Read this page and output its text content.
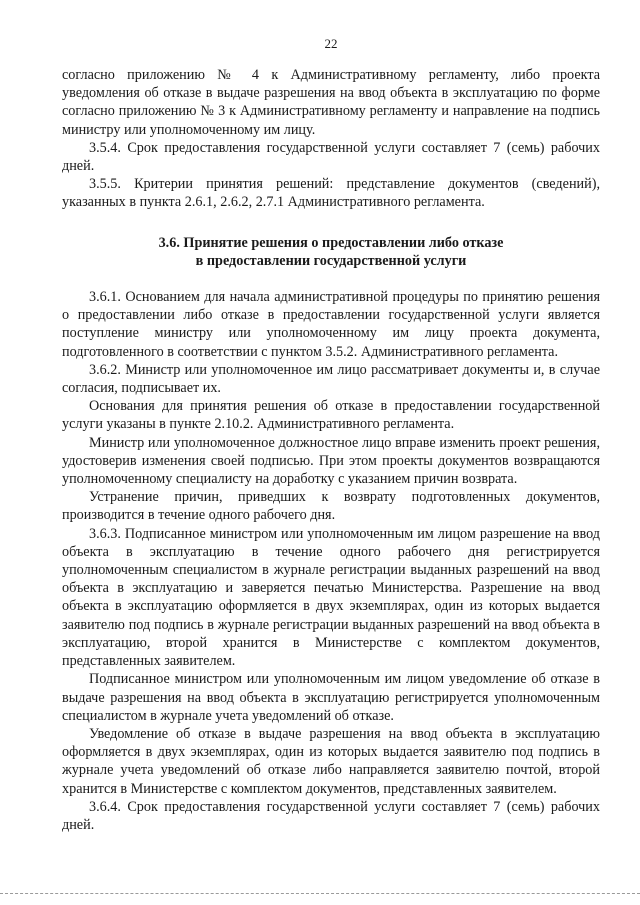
22

согласно приложению № 4 к Административному регламенту, либо проекта уведомления об отказе в выдаче разрешения на ввод объекта в эксплуатацию по форме согласно приложению № 3 к Административному регламенту и направление на подпись министру или уполномоченному им лицу.

3.5.4. Срок предоставления государственной услуги составляет 7 (семь) рабочих дней.

3.5.5. Критерии принятия решений: представление документов (сведений), указанных в пункта 2.6.1, 2.6.2, 2.7.1 Административного регламента.

3.6. Принятие решения о предоставлении либо отказе
в предоставлении государственной услуги

3.6.1. Основанием для начала административной процедуры по принятию решения о предоставлении либо отказе в предоставлении государственной услуги является поступление министру или уполномоченному им лицу проекта документа, подготовленного в соответствии с пунктом 3.5.2. Административного регламента.

3.6.2. Министр или уполномоченное им лицо рассматривает документы и, в случае согласия, подписывает их.

Основания для принятия решения об отказе в предоставлении государственной услуги указаны в пункте 2.10.2. Административного регламента.

Министр или уполномоченное должностное лицо вправе изменить проект решения, удостоверив изменения своей подписью. При этом проекты документов возвращаются уполномоченному специалисту на доработку с указанием причин возврата.

Устранение причин, приведших к возврату подготовленных документов, производится в течение одного рабочего дня.

3.6.3. Подписанное министром или уполномоченным им лицом разрешение на ввод объекта в эксплуатацию в течение одного рабочего дня регистрируется уполномоченным специалистом в журнале регистрации выданных разрешений на ввод объекта в эксплуатацию и заверяется печатью Министерства. Разрешение на ввод объекта в эксплуатацию оформляется в двух экземплярах, один из которых выдается заявителю под подпись в журнале регистрации выданных разрешений на ввод объекта в эксплуатацию, второй хранится в Министерстве с комплектом документов, представленных заявителем.

Подписанное министром или уполномоченным им лицом уведомление об отказе в выдаче разрешения на ввод объекта в эксплуатацию регистрируется уполномоченным специалистом в журнале учета уведомлений об отказе.

Уведомление об отказе в выдаче разрешения на ввод объекта в эксплуатацию оформляется в двух экземплярах, один из которых выдается заявителю под подпись в журнале учета уведомлений об отказе либо направляется заявителю почтой, второй хранится в Министерстве с комплектом документов, представленных заявителем.

3.6.4. Срок предоставления государственной услуги составляет 7 (семь) рабочих дней.
